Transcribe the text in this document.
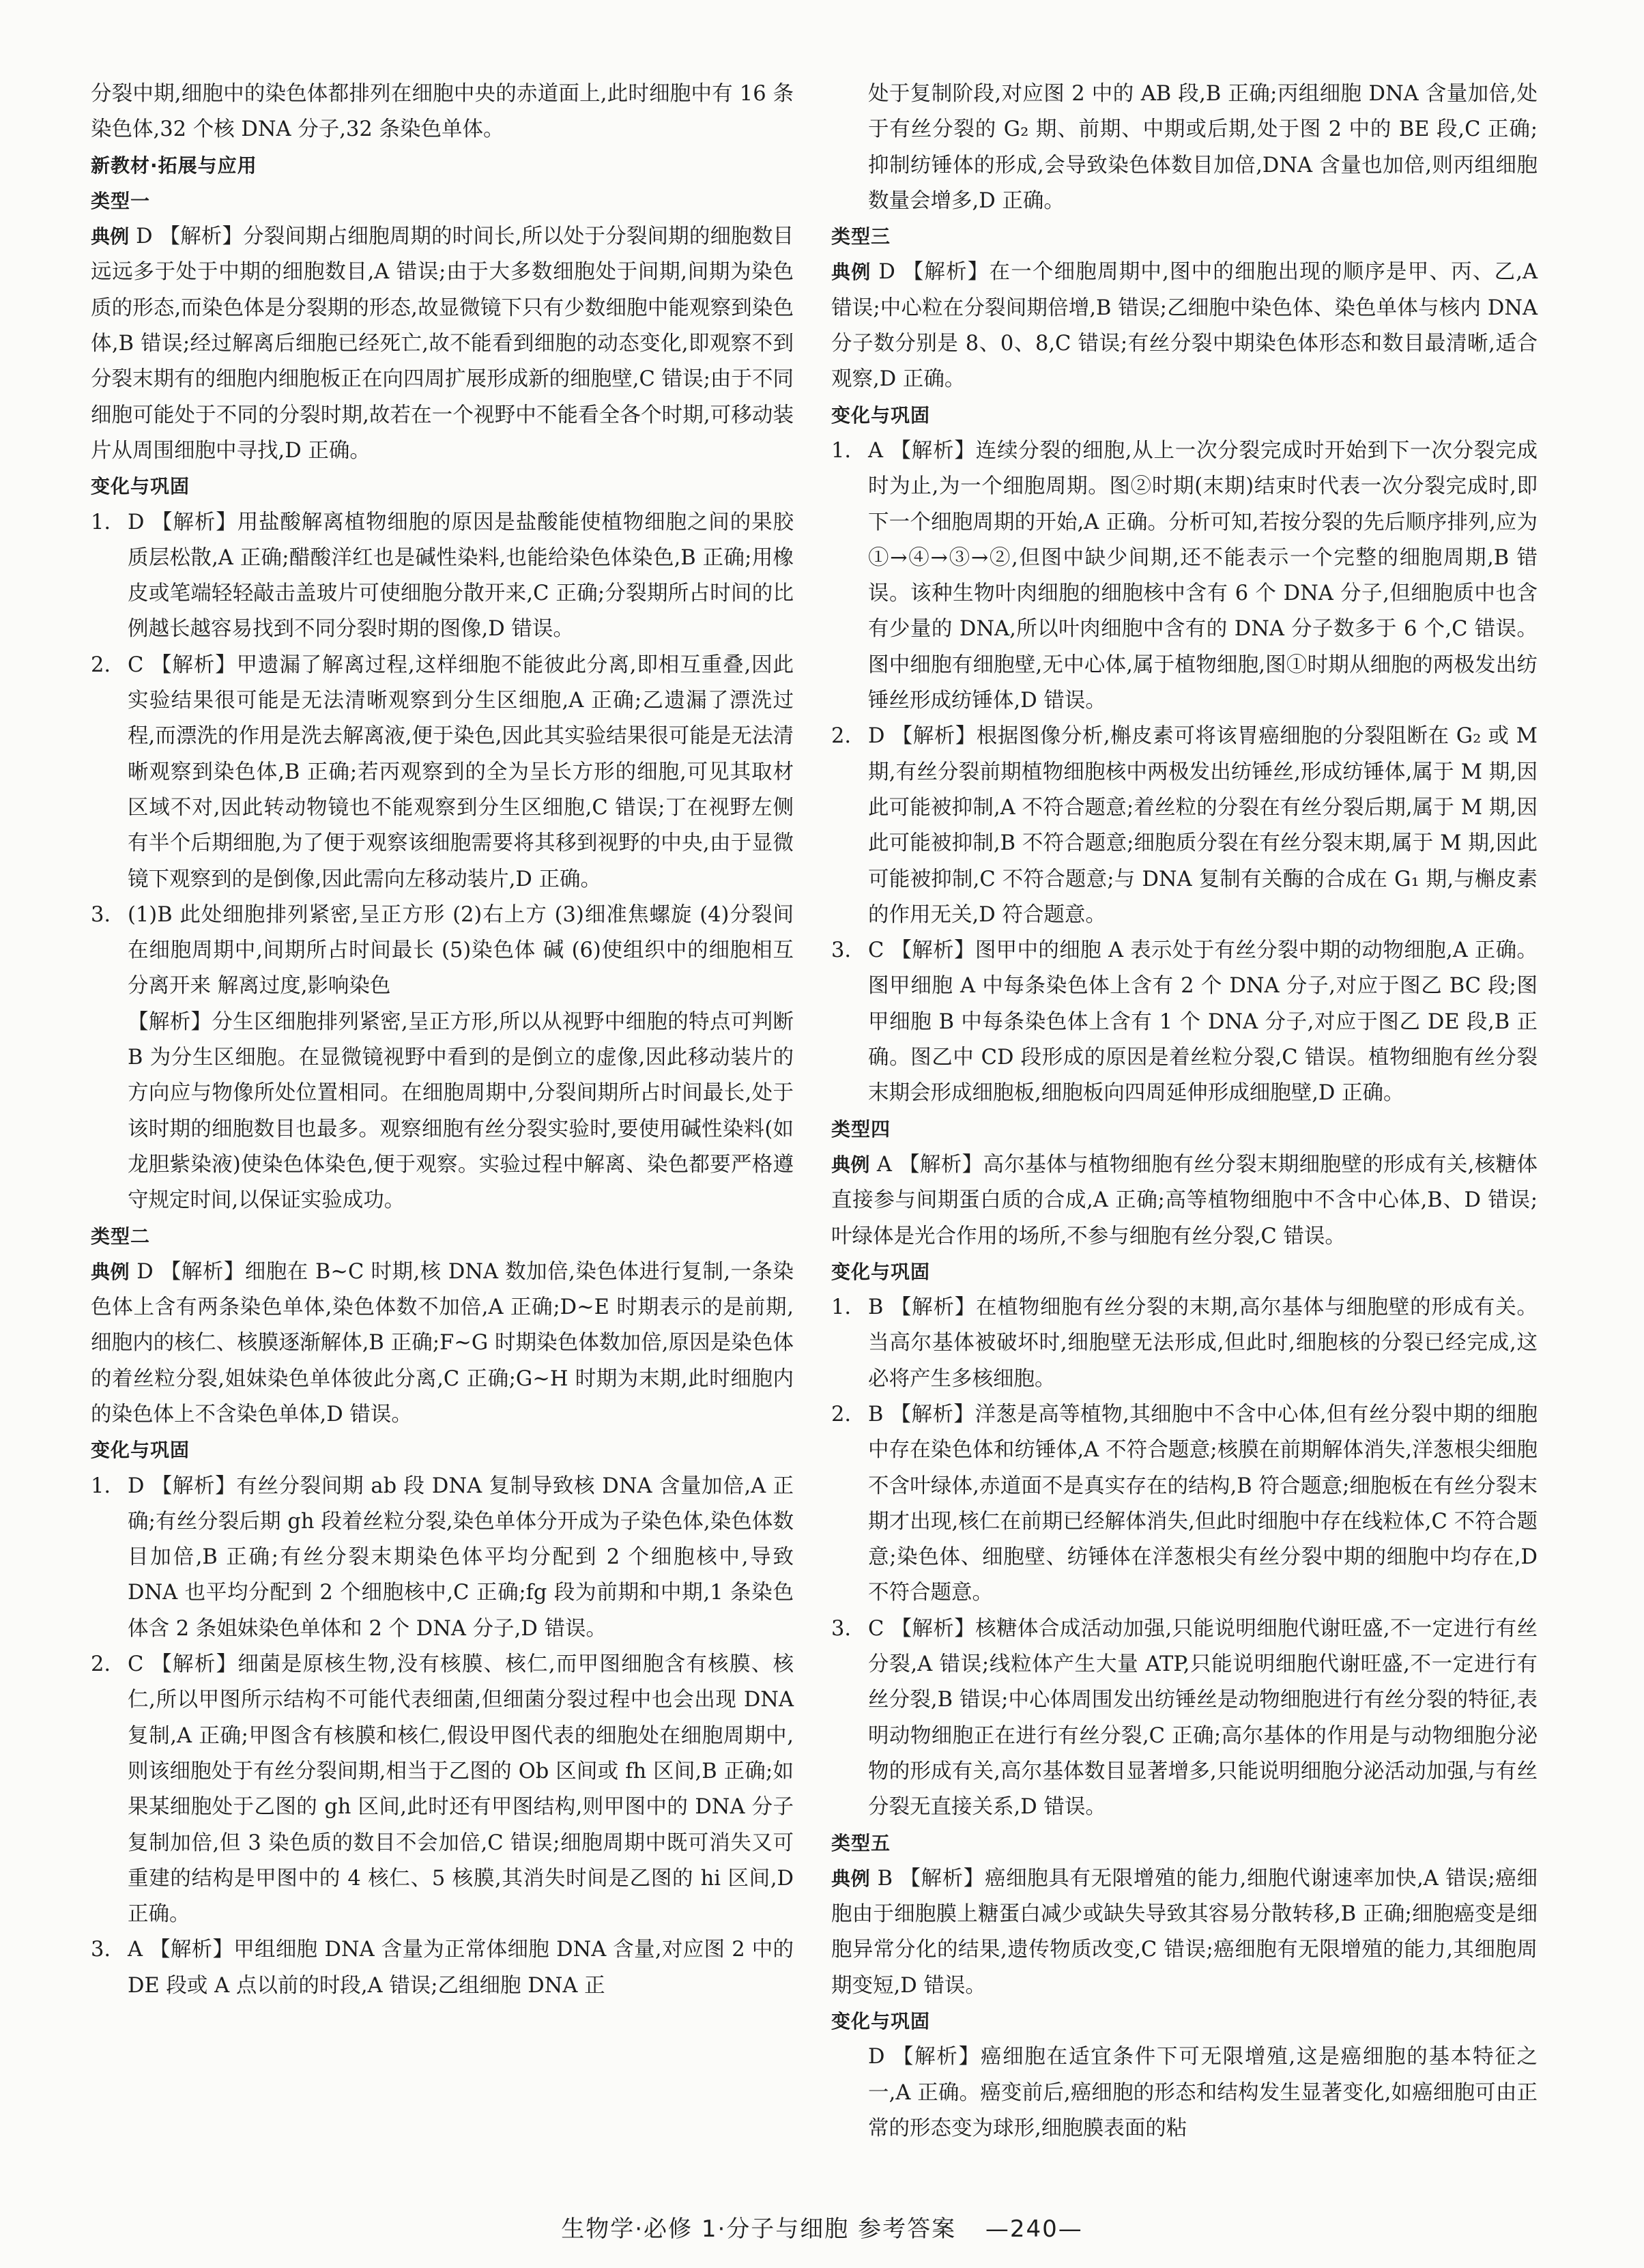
分裂中期,细胞中的染色体都排列在细胞中央的赤道面上,此时细胞中有 16 条染色体,32 个核 DNA 分子,32 条染色单体。
新教材·拓展与应用
类型一
典例 D 【解析】分裂间期占细胞周期的时间长,所以处于分裂间期的细胞数目远远多于处于中期的细胞数目,A 错误;由于大多数细胞处于间期,间期为染色质的形态,而染色体是分裂期的形态,故显微镜下只有少数细胞中能观察到染色体,B 错误;经过解离后细胞已经死亡,故不能看到细胞的动态变化,即观察不到分裂末期有的细胞内细胞板正在向四周扩展形成新的细胞壁,C 错误;由于不同细胞可能处于不同的分裂时期,故若在一个视野中不能看全各个时期,可移动装片从周围细胞中寻找,D 正确。
变化与巩固
1. D 【解析】用盐酸解离植物细胞的原因是盐酸能使植物细胞之间的果胶质层松散,A 正确;醋酸洋红也是碱性染料,也能给染色体染色,B 正确;用橡皮或笔端轻轻敲击盖玻片可使细胞分散开来,C 正确;分裂期所占时间的比例越长越容易找到不同分裂时期的图像,D 错误。
2. C 【解析】甲遗漏了解离过程,这样细胞不能彼此分离,即相互重叠,因此实验结果很可能是无法清晰观察到分生区细胞,A 正确;乙遗漏了漂洗过程,而漂洗的作用是洗去解离液,便于染色,因此其实验结果很可能是无法清晰观察到染色体,B 正确;若丙观察到的全为呈长方形的细胞,可见其取材区域不对,因此转动物镜也不能观察到分生区细胞,C 错误;丁在视野左侧有半个后期细胞,为了便于观察该细胞需要将其移到视野的中央,由于显微镜下观察到的是倒像,因此需向左移动装片,D 正确。
3. (1)B 此处细胞排列紧密,呈正方形 (2)右上方 (3)细准焦螺旋 (4)分裂间 在细胞周期中,间期所占时间最长 (5)染色体 碱 (6)使组织中的细胞相互分离开来 解离过度,影响染色
【解析】分生区细胞排列紧密,呈正方形,所以从视野中细胞的特点可判断 B 为分生区细胞。在显微镜视野中看到的是倒立的虚像,因此移动装片的方向应与物像所处位置相同。在细胞周期中,分裂间期所占时间最长,处于该时期的细胞数目也最多。观察细胞有丝分裂实验时,要使用碱性染料(如龙胆紫染液)使染色体染色,便于观察。实验过程中解离、染色都要严格遵守规定时间,以保证实验成功。
类型二
典例 D 【解析】细胞在 B~C 时期,核 DNA 数加倍,染色体进行复制,一条染色体上含有两条染色单体,染色体数不加倍,A 正确;D~E 时期表示的是前期,细胞内的核仁、核膜逐渐解体,B 正确;F~G 时期染色体数加倍,原因是染色体的着丝粒分裂,姐妹染色单体彼此分离,C 正确;G~H 时期为末期,此时细胞内的染色体上不含染色单体,D 错误。
变化与巩固
1. D 【解析】有丝分裂间期 ab 段 DNA 复制导致核 DNA 含量加倍,A 正确;有丝分裂后期 gh 段着丝粒分裂,染色单体分开成为子染色体,染色体数目加倍,B 正确;有丝分裂末期染色体平均分配到 2 个细胞核中,导致 DNA 也平均分配到 2 个细胞核中,C 正确;fg 段为前期和中期,1 条染色体含 2 条姐妹染色单体和 2 个 DNA 分子,D 错误。
2. C 【解析】细菌是原核生物,没有核膜、核仁,而甲图细胞含有核膜、核仁,所以甲图所示结构不可能代表细菌,但细菌分裂过程中也会出现 DNA 复制,A 正确;甲图含有核膜和核仁,假设甲图代表的细胞处在细胞周期中,则该细胞处于有丝分裂间期,相当于乙图的 Ob 区间或 fh 区间,B 正确;如果某细胞处于乙图的 gh 区间,此时还有甲图结构,则甲图中的 DNA 分子复制加倍,但 3 染色质的数目不会加倍,C 错误;细胞周期中既可消失又可重建的结构是甲图中的 4 核仁、5 核膜,其消失时间是乙图的 hi 区间,D 正确。
3. A 【解析】甲组细胞 DNA 含量为正常体细胞 DNA 含量,对应图 2 中的 DE 段或 A 点以前的时段,A 错误;乙组细胞 DNA 正
处于复制阶段,对应图 2 中的 AB 段,B 正确;丙组细胞 DNA 含量加倍,处于有丝分裂的 G₂ 期、前期、中期或后期,处于图 2 中的 BE 段,C 正确;抑制纺锤体的形成,会导致染色体数目加倍,DNA 含量也加倍,则丙组细胞数量会增多,D 正确。
类型三
典例 D 【解析】在一个细胞周期中,图中的细胞出现的顺序是甲、丙、乙,A 错误;中心粒在分裂间期倍增,B 错误;乙细胞中染色体、染色单体与核内 DNA 分子数分别是 8、0、8,C 错误;有丝分裂中期染色体形态和数目最清晰,适合观察,D 正确。
变化与巩固
1. A 【解析】连续分裂的细胞,从上一次分裂完成时开始到下一次分裂完成时为止,为一个细胞周期。图②时期(末期)结束时代表一次分裂完成时,即下一个细胞周期的开始,A 正确。分析可知,若按分裂的先后顺序排列,应为①→④→③→②,但图中缺少间期,还不能表示一个完整的细胞周期,B 错误。该种生物叶肉细胞的细胞核中含有 6 个 DNA 分子,但细胞质中也含有少量的 DNA,所以叶肉细胞中含有的 DNA 分子数多于 6 个,C 错误。图中细胞有细胞壁,无中心体,属于植物细胞,图①时期从细胞的两极发出纺锤丝形成纺锤体,D 错误。
2. D 【解析】根据图像分析,槲皮素可将该胃癌细胞的分裂阻断在 G₂ 或 M 期,有丝分裂前期植物细胞核中两极发出纺锤丝,形成纺锤体,属于 M 期,因此可能被抑制,A 不符合题意;着丝粒的分裂在有丝分裂后期,属于 M 期,因此可能被抑制,B 不符合题意;细胞质分裂在有丝分裂末期,属于 M 期,因此可能被抑制,C 不符合题意;与 DNA 复制有关酶的合成在 G₁ 期,与槲皮素的作用无关,D 符合题意。
3. C 【解析】图甲中的细胞 A 表示处于有丝分裂中期的动物细胞,A 正确。图甲细胞 A 中每条染色体上含有 2 个 DNA 分子,对应于图乙 BC 段;图甲细胞 B 中每条染色体上含有 1 个 DNA 分子,对应于图乙 DE 段,B 正确。图乙中 CD 段形成的原因是着丝粒分裂,C 错误。植物细胞有丝分裂末期会形成细胞板,细胞板向四周延伸形成细胞壁,D 正确。
类型四
典例 A 【解析】高尔基体与植物细胞有丝分裂末期细胞壁的形成有关,核糖体直接参与间期蛋白质的合成,A 正确;高等植物细胞中不含中心体,B、D 错误;叶绿体是光合作用的场所,不参与细胞有丝分裂,C 错误。
变化与巩固
1. B 【解析】在植物细胞有丝分裂的末期,高尔基体与细胞壁的形成有关。当高尔基体被破坏时,细胞壁无法形成,但此时,细胞核的分裂已经完成,这必将产生多核细胞。
2. B 【解析】洋葱是高等植物,其细胞中不含中心体,但有丝分裂中期的细胞中存在染色体和纺锤体,A 不符合题意;核膜在前期解体消失,洋葱根尖细胞不含叶绿体,赤道面不是真实存在的结构,B 符合题意;细胞板在有丝分裂末期才出现,核仁在前期已经解体消失,但此时细胞中存在线粒体,C 不符合题意;染色体、细胞壁、纺锤体在洋葱根尖有丝分裂中期的细胞中均存在,D 不符合题意。
3. C 【解析】核糖体合成活动加强,只能说明细胞代谢旺盛,不一定进行有丝分裂,A 错误;线粒体产生大量 ATP,只能说明细胞代谢旺盛,不一定进行有丝分裂,B 错误;中心体周围发出纺锤丝是动物细胞进行有丝分裂的特征,表明动物细胞正在进行有丝分裂,C 正确;高尔基体的作用是与动物细胞分泌物的形成有关,高尔基体数目显著增多,只能说明细胞分泌活动加强,与有丝分裂无直接关系,D 错误。
类型五
典例 B 【解析】癌细胞具有无限增殖的能力,细胞代谢速率加快,A 错误;癌细胞由于细胞膜上糖蛋白减少或缺失导致其容易分散转移,B 正确;细胞癌变是细胞异常分化的结果,遗传物质改变,C 错误;癌细胞有无限增殖的能力,其细胞周期变短,D 错误。
变化与巩固
D 【解析】癌细胞在适宜条件下可无限增殖,这是癌细胞的基本特征之一,A 正确。癌变前后,癌细胞的形态和结构发生显著变化,如癌细胞可由正常的形态变为球形,细胞膜表面的粘
生物学·必修 1·分子与细胞 参考答案 —240—
